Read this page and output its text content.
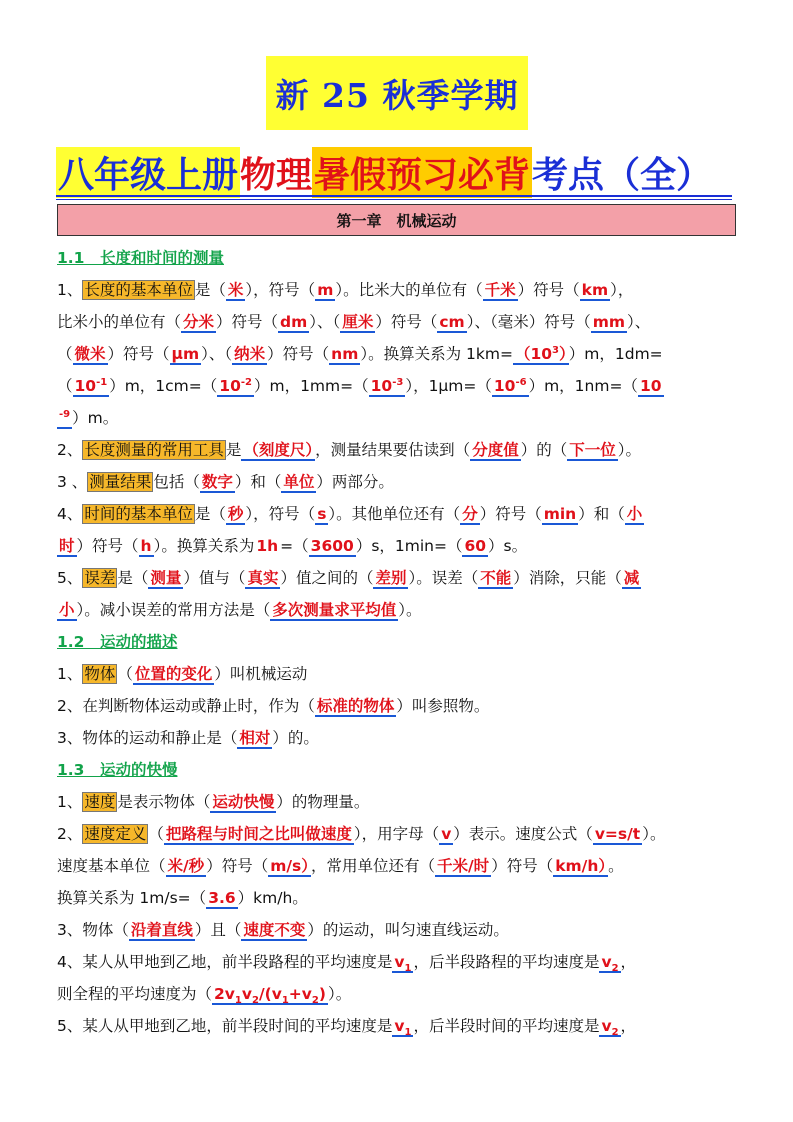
新 25 秋季学期
八年级上册 物理 暑假预习必背 考点（全）
第一章　机械运动
1.1　长度和时间的测量
1、 长度的基本单位 是（ 米 ），符号（ m ）。比米大的单位有（ 千米 ）符号（ km ），
比米小的单位有（ 分米 ）符号（ dm ）、（ 厘米 ）符号（ cm ）、（毫米）符号（ mm ）、
（ 微米 ）符号（ μm ）、（ 纳米 ）符号（ nm ）。换算关系为 $1km= (10^3)$ ）m，1dm=
（ $10^{-1}$ ）m，1cm=（ $10^{-2}$ ）m，1mm=（ $10^{-3}$ ），1μm=（ $10^{-6}$ ）m，1nm=（ 10
$^{-9}$ ）m。
2、 长度测量的常用工具 是 （刻度尺） ，测量结果要估读到（ 分度值 ）的（ 下一位 ）。
3 、 测量结果 包括（ 数字 ）和（ 单位 ）两部分。
4、 时间的基本单位 是（ 秒 ），符号（ s ）。其他单位还有（ 分 ）符号（ min ）和（ 小
时 ）符号（ h ）。换算关系为 1h =（ 3600 ）s，1min=（ 60 ）s。
5、 误差 是（ 测量 ）值与（ 真实 ）值之间的（ 差别 ）。误差（ 不能 ）消除，只能（ 减
小 ）。减小误差的常用方法是（ 多次测量求平均值 ）。
1.2　运动的描述
1、 物体 （ 位置的变化 ）叫机械运动
2、在判断物体运动或静止时，作为（ 标准的物体 ）叫参照物。
3、物体的运动和静止是（ 相对 ）的。
1.3　运动的快慢
1、 速度 是表示物体（ 运动快慢 ）的物理量。
2、 速度定义 （ 把路程与时间之比叫做速度 ），用字母（ v ）表示。速度公式（ v=s/t ）。
速度基本单位（ 米/秒 ）符号（ m/s） ，常用单位还有（ 千米/时 ）符号（ km/h） 。
换算关系为 1m/s=（ 3.6 ）km/h。
3、物体（ 沿着直线 ）且（ 速度不变 ）的运动，叫匀速直线运动。
4、某人从甲地到乙地，前半段路程的平均速度是 $v_1$ ，后半段路程的平均速度是 $v_2$ ，
则全程的平均速度为（ $2v_1v_2/(v_1+v_2)$ ）。
5、某人从甲地到乙地，前半段时间的平均速度是 $v_1$ ，后半段时间的平均速度是 $v_2$ ，
